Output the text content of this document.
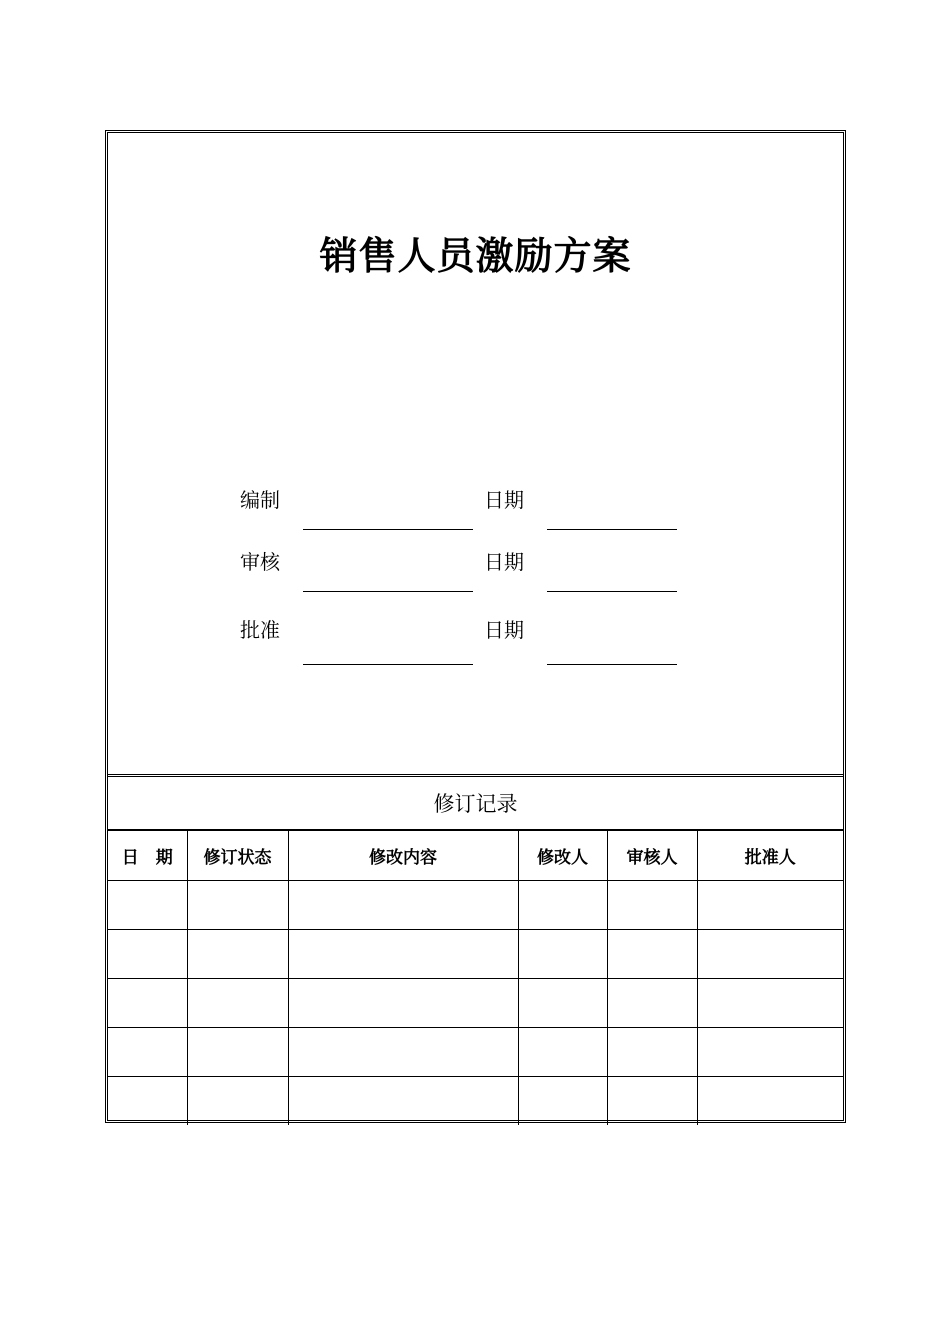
销售人员激励方案
编制	日期
审核	日期
批准	日期
修订记录
日　期	修订状态	修改内容	修改人	审核人	批准人
